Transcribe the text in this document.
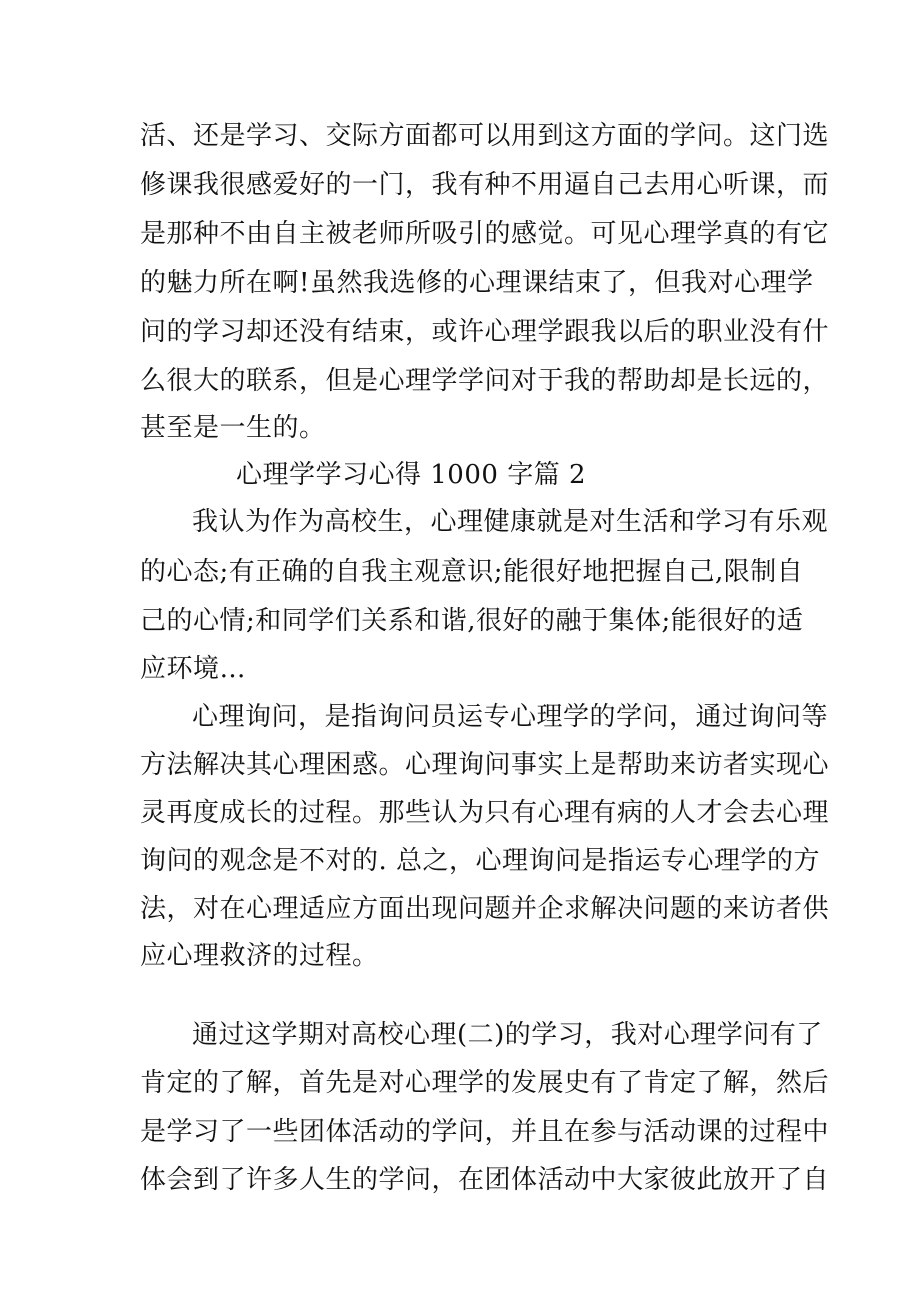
活、还是学习、交际方面都可以用到这方面的学问。这门选
修课我很感爱好的一门，我有种不用逼自己去用心听课，而
是那种不由自主被老师所吸引的感觉。可见心理学真的有它
的魅力所在啊!虽然我选修的心理课结束了，但我对心理学
问的学习却还没有结束，或许心理学跟我以后的职业没有什
么很大的联系，但是心理学学问对于我的帮助却是长远的，
甚至是一生的。
心理学学习心得 1000 字篇 2
我认为作为高校生，心理健康就是对生活和学习有乐观
的心态;有正确的自我主观意识;能很好地把握自己,限制自
己的心情;和同学们关系和谐,很好的融于集体;能很好的适
应环境…
心理询问，是指询问员运专心理学的学问，通过询问等
方法解决其心理困惑。心理询问事实上是帮助来访者实现心
灵再度成长的过程。那些认为只有心理有病的人才会去心理
询问的观念是不对的. 总之，心理询问是指运专心理学的方
法，对在心理适应方面出现问题并企求解决问题的来访者供
应心理救济的过程。
通过这学期对高校心理(二)的学习，我对心理学问有了
肯定的了解，首先是对心理学的发展史有了肯定了解，然后
是学习了一些团体活动的学问，并且在参与活动课的过程中
体会到了许多人生的学问，在团体活动中大家彼此放开了自
